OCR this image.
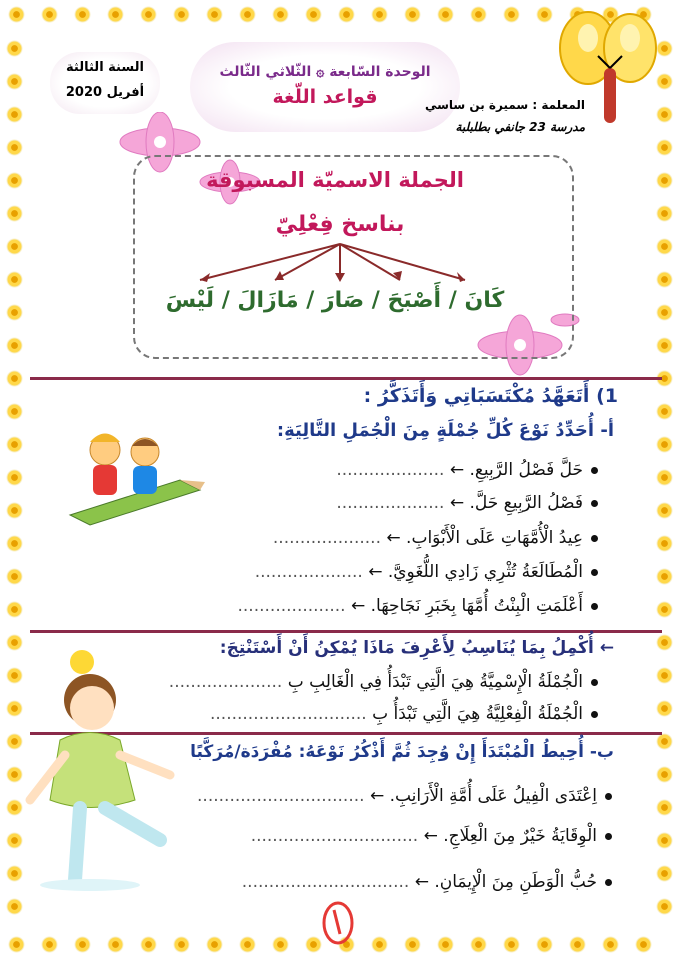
السنة الثالثة
أفريل 2020
الوحدة السّابعة ۞ الثّلاثي الثّالث
قواعد اللّغة	المعلمة : سميرة بن ساسي
مدرسة 23 جانفي بطلبلبة
الجملة الاسميّة المسبوقة
بناسخ فِعْلِيّ
كَانَ / أَصْبَحَ / صَارَ / مَازَالَ / لَيْسَ
1) أَتَعَهَّدُ مُكْتَسَبَاتِي وَأَتَذَكَّرُ :
أ- أُحَدِّدُ نَوْعَ كُلِّ جُمْلَةٍ مِنَ الْجُمَلِ التَّالِيَةِ:
حَلَّ فَصْلُ الرَّبِيعِ. ← ....................
فَصْلُ الرَّبِيعِ حَلَّ. ← ....................
عِيدُ الْأُمَّهَاتِ عَلَى الْأَبْوَابِ. ← ....................
الْمُطَالَعَةُ تُثْرِي زَادِي اللُّغَوِيَّ. ← ....................
أَعْلَمَتِ الْبِنْتُ أُمَّهَا بِخَبَرِ نَجَاحِهَا. ← ....................
← أُكْمِلُ بِمَا يُنَاسِبُ لِأَعْرِفَ مَاذَا يُمْكِنُ أَنْ أَسْتَنْتِجَ:
الْجُمْلَةُ الْإِسْمِيَّةُ هِيَ الَّتِي تَبْدَأُ فِي الْغَالِبِ بِ .....................
الْجُمْلَةُ الْفِعْلِيَّةُ هِيَ الَّتِي تَبْدَأُ بِ .............................
ب- أُحِيطُ الْمُبْتَدَأَ إِنْ وُجِدَ ثُمَّ أَذْكُرُ نَوْعَهُ: مُفْرَدَة/مُرَكَّبًا
اِعْتَدَى الْفِيلُ عَلَى أُمَّةِ الْأَرَانِبِ. ← ...............................
الْوِقَايَةُ خَيْرٌ مِنَ الْعِلَاجِ. ← ...............................
حُبُّ الْوَطَنِ مِنَ الْإِيمَانِ. ← ...............................
